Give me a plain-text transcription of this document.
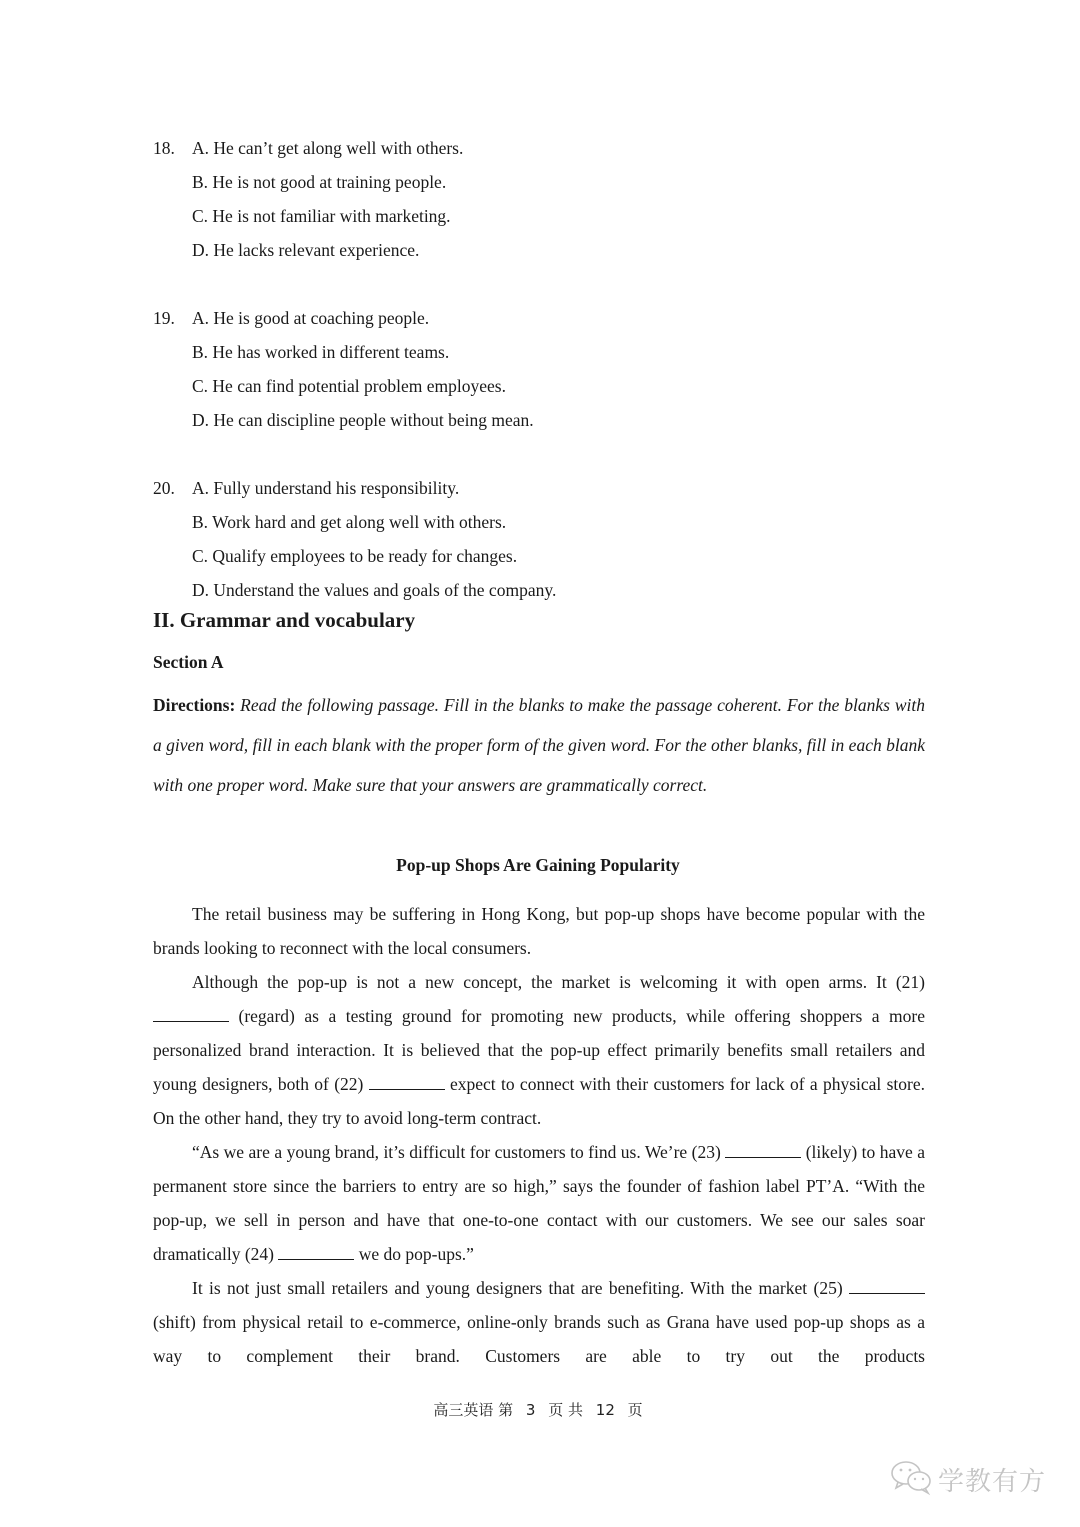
18. A. He can’t get along well with others.
B. He is not good at training people.
C. He is not familiar with marketing.
D. He lacks relevant experience.
19. A. He is good at coaching people.
B. He has worked in different teams.
C. He can find potential problem employees.
D. He can discipline people without being mean.
20. A. Fully understand his responsibility.
B. Work hard and get along well with others.
C. Qualify employees to be ready for changes.
D. Understand the values and goals of the company.
II. Grammar and vocabulary
Section A
Directions: Read the following passage. Fill in the blanks to make the passage coherent. For the blanks with a given word, fill in each blank with the proper form of the given word. For the other blanks, fill in each blank with one proper word. Make sure that your answers are grammatically correct.
Pop-up Shops Are Gaining Popularity

The retail business may be suffering in Hong Kong, but pop-up shops have become popular with the brands looking to reconnect with the local consumers.

Although the pop-up is not a new concept, the market is welcoming it with open arms. It (21)  (regard) as a testing ground for promoting new products, while offering shoppers a more personalized brand interaction. It is believed that the pop-up effect primarily benefits small retailers and young designers, both of (22)	expect to connect with their customers for lack of a physical store. On the other hand, they try to avoid long-term contract.

“As we are a young brand, it’s difficult for customers to find us. We’re (23)	(likely) to have a permanent store since the barriers to entry are so high,” says the founder of fashion label PT’A. “With the pop-up, we sell in person and have that one-to-one contact with our customers. We see our sales soar dramatically (24)	we do pop-ups.”

It is not just small retailers and young designers that are benefiting. With the market (25)  (shift) from physical retail to e-commerce, online-only brands such as Grana have used pop-up shops as a way to complement their brand. Customers are able to try out the products

高三英语 第 3 页 共 12 页
学教有方
